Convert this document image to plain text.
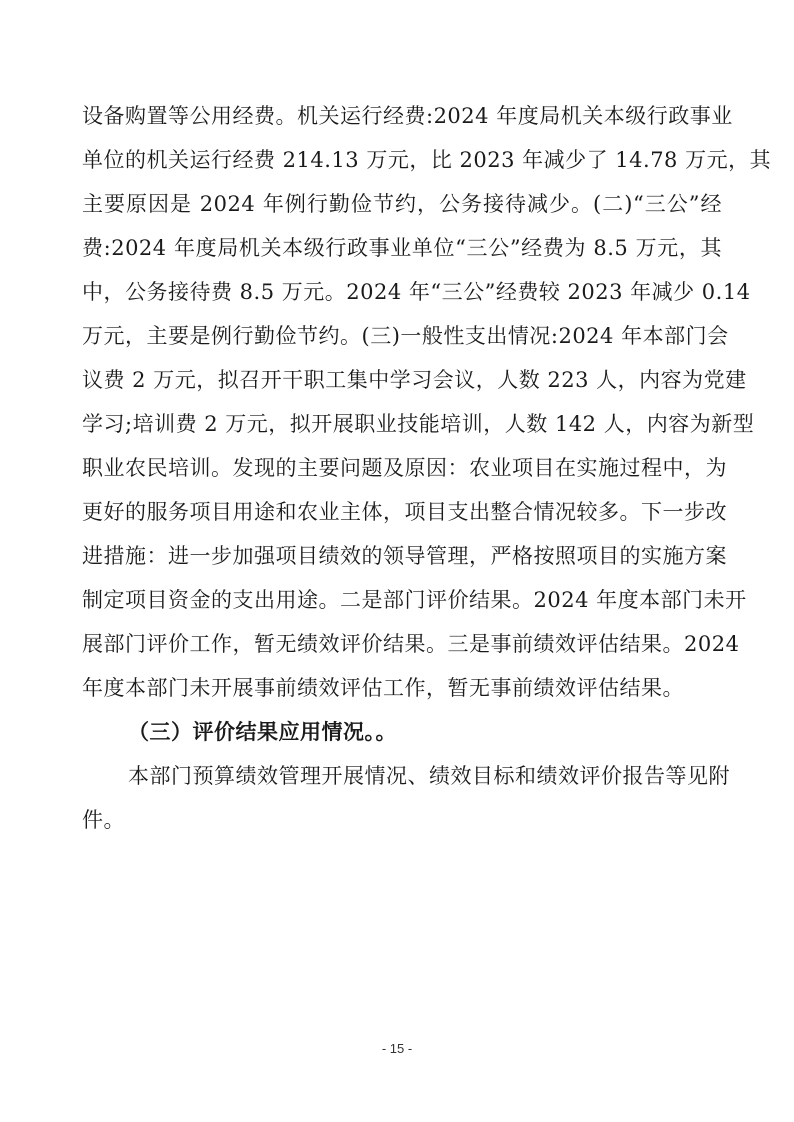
设备购置等公用经费。机关运行经费:2024 年度局机关本级行政事业
单位的机关运行经费 214.13 万元，比 2023 年减少了 14.78 万元，其
主要原因是 2024 年例行勤俭节约，公务接待减少。(二)“三公”经
费:2024 年度局机关本级行政事业单位“三公”经费为 8.5 万元，其
中，公务接待费 8.5 万元。2024 年“三公”经费较 2023 年减少 0.14
万元，主要是例行勤俭节约。(三)一般性支出情况:2024 年本部门会
议费 2 万元，拟召开干职工集中学习会议，人数 223 人，内容为党建
学习;培训费 2 万元，拟开展职业技能培训，人数 142 人，内容为新型
职业农民培训。发现的主要问题及原因：农业项目在实施过程中，为
更好的服务项目用途和农业主体，项目支出整合情况较多。下一步改
进措施：进一步加强项目绩效的领导管理，严格按照项目的实施方案
制定项目资金的支出用途。二是部门评价结果。2024 年度本部门未开
展部门评价工作，暂无绩效评价结果。三是事前绩效评估结果。2024
年度本部门未开展事前绩效评估工作，暂无事前绩效评估结果。
（三）评价结果应用情况。。
本部门预算绩效管理开展情况、绩效目标和绩效评价报告等见附
件。
- 15 -
